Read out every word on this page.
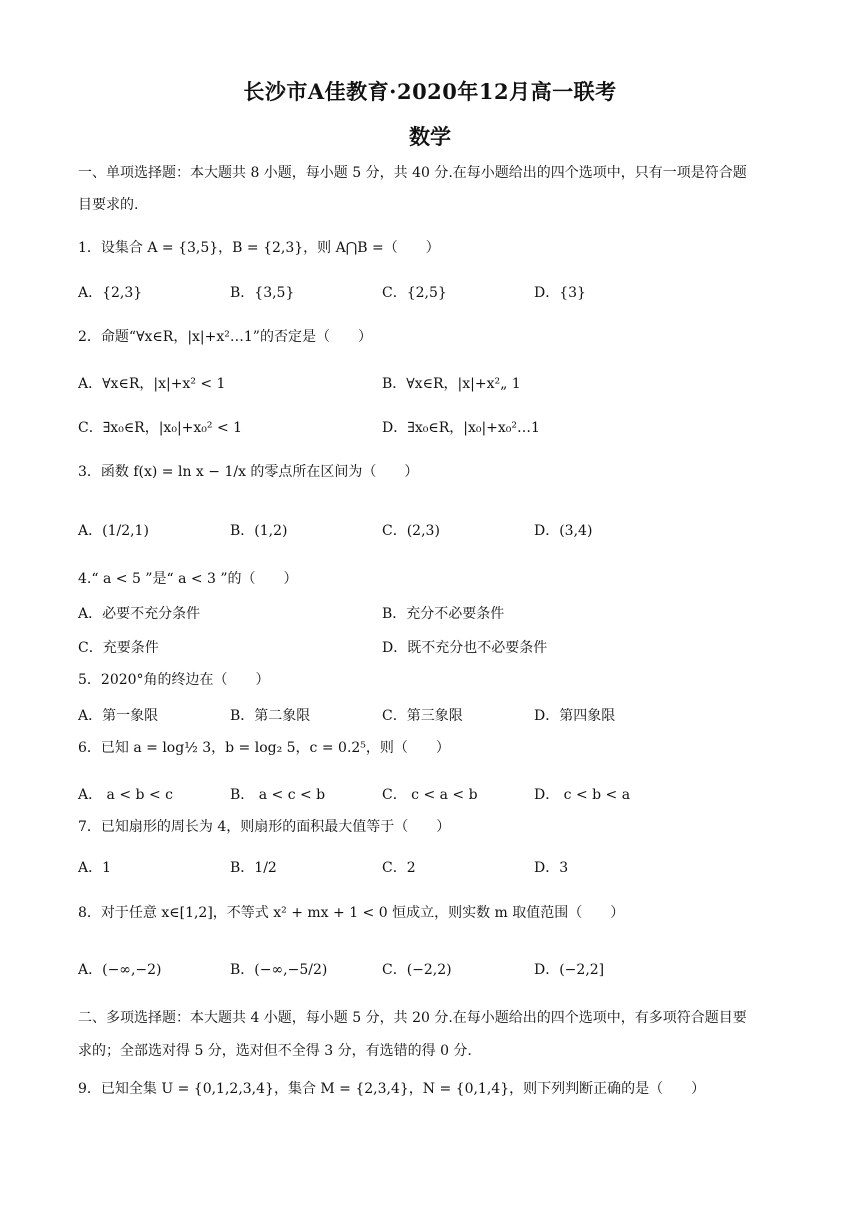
长沙市A佳教育·2020年12月高一联考
数学
一、单项选择题：本大题共 8 小题，每小题 5 分，共 40 分.在每小题给出的四个选项中，只有一项是符合题
目要求的.
1．设集合 A = {3,5}，B = {2,3}，则 A⋂B =（　　）
A．{2,3}	B．{3,5}	C．{2,5}	D．{3}
2．命题“∀x∈R，|x|+x²…1”的否定是（　　）
A．∀x∈R，|x|+x² < 1	B．∀x∈R，|x|+x²„ 1
C．∃x₀∈R，|x₀|+x₀² < 1	D．∃x₀∈R，|x₀|+x₀²…1
3．函数 f(x) = ln x − 1/x 的零点所在区间为（　　）
A．(1/2,1)	B．(1,2)	C．(2,3)	D．(3,4)
4.“ a < 5 ”是“ a < 3 ”的（　　）
A．必要不充分条件	B．充分不必要条件
C．充要条件	D．既不充分也不必要条件
5．2020°角的终边在（　　）
A．第一象限	B．第二象限	C．第三象限	D．第四象限
6．已知 a = log½ 3，b = log₂ 5，c = 0.2⁵，则（　　）
A． a < b < c	B． a < c < b	C． c < a < b	D． c < b < a
7．已知扇形的周长为 4，则扇形的面积最大值等于（　　）
A．1	B．1/2	C．2	D．3
8．对于任意 x∈[1,2]，不等式 x² + mx + 1 < 0 恒成立，则实数 m 取值范围（　　）
A．(−∞,−2)	B．(−∞,−5/2)	C．(−2,2)	D．(−2,2]
二、多项选择题：本大题共 4 小题，每小题 5 分，共 20 分.在每小题给出的四个选项中，有多项符合题目要
求的；全部选对得 5 分，选对但不全得 3 分，有选错的得 0 分.
9．已知全集 U = {0,1,2,3,4}，集合 M = {2,3,4}，N = {0,1,4}，则下列判断正确的是（　　）
